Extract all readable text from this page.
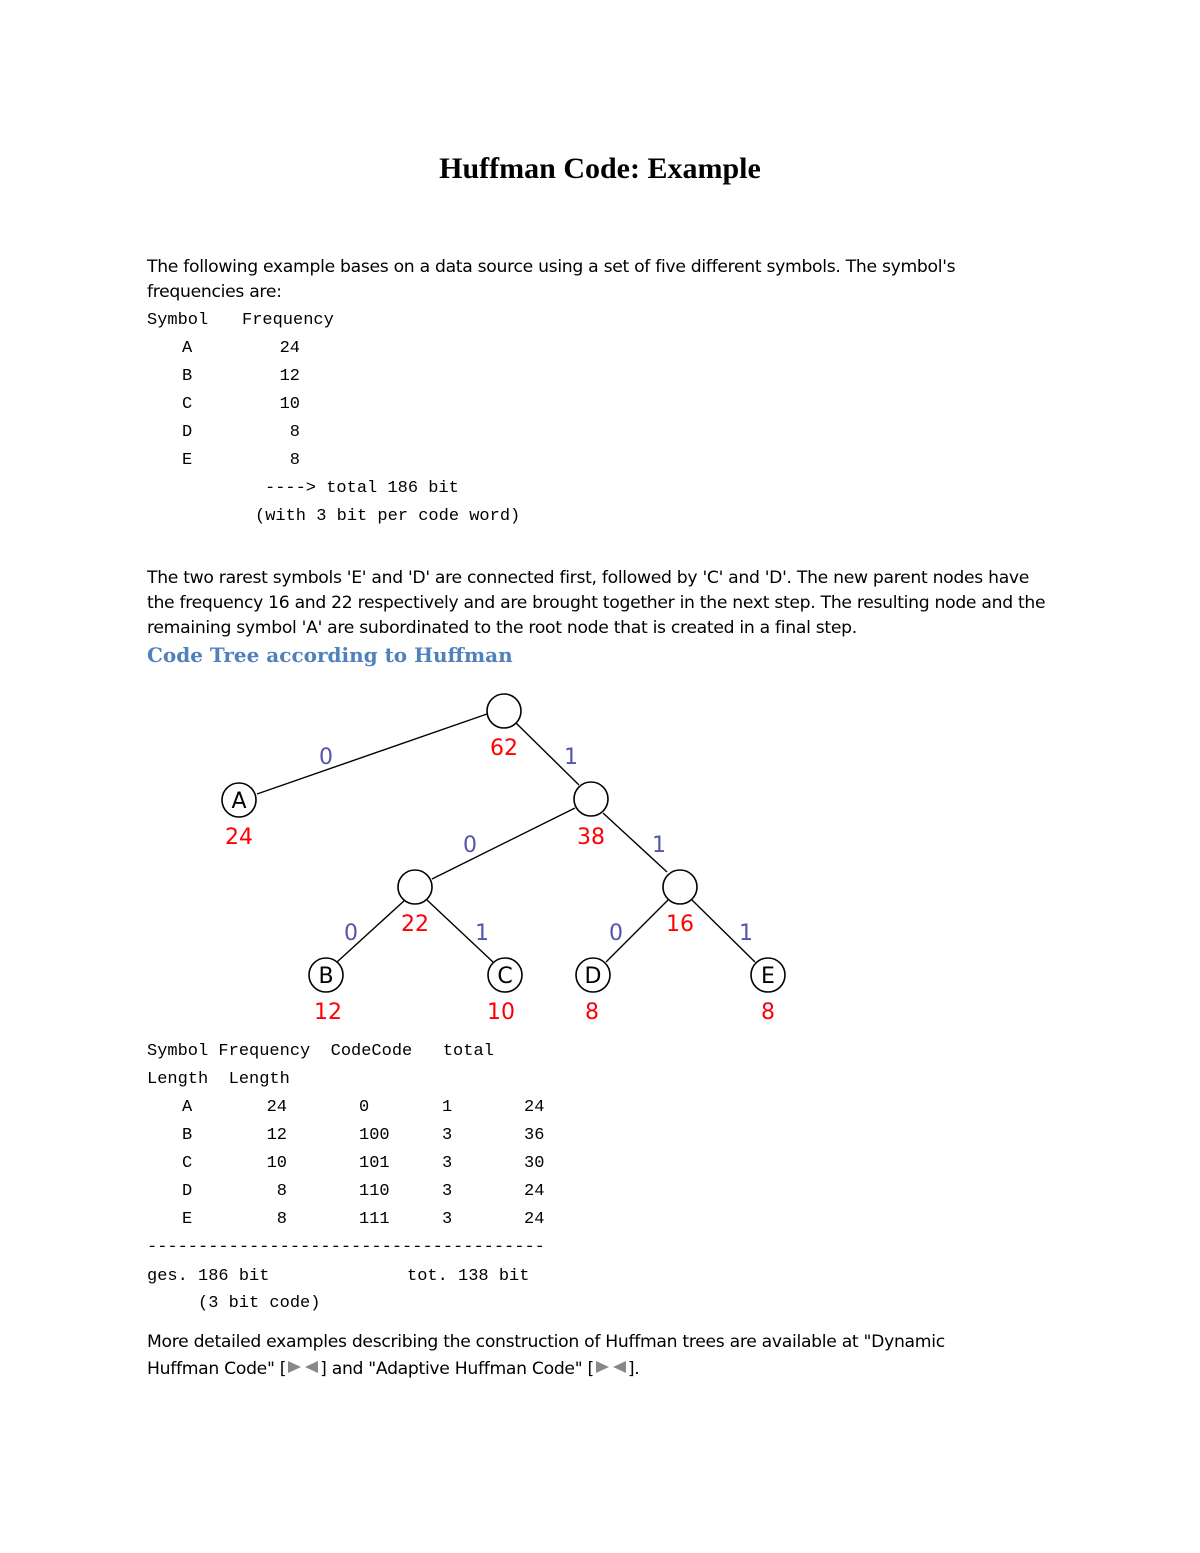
Huffman Code: Example

The following example bases on a data source using a set of five different symbols. The symbol's frequencies are:

Symbol Frequency
A	24
B	12
C	10
D	8
E	8
----> total 186 bit
(with 3 bit per code word)

The two rarest symbols 'E' and 'D' are connected first, followed by 'C' and 'D'. The new parent nodes have the frequency 16 and 22 respectively and are brought together in the next step. The resulting node and the remaining symbol 'A' are subordinated to the root node that is created in a final step.

Code Tree according to Huffman
A
B	C	D	E
62
24	38
22	16
12	10	8	8
0	1
0	1
0	1	0	1
Symbol Frequency  CodeCode   total
Length  Length
A	24	0	1	24
B	12	100	3	36
C	10	101	3	30
D	8	110	3	24
E	8	111	3	24
---------------------------------------
ges. 186 bit	tot. 138 bit
(3 bit code)

More detailed examples describing the construction of Huffman trees are available at "Dynamic Huffman Code" [ ] and "Adaptive Huffman Code" [ ].
